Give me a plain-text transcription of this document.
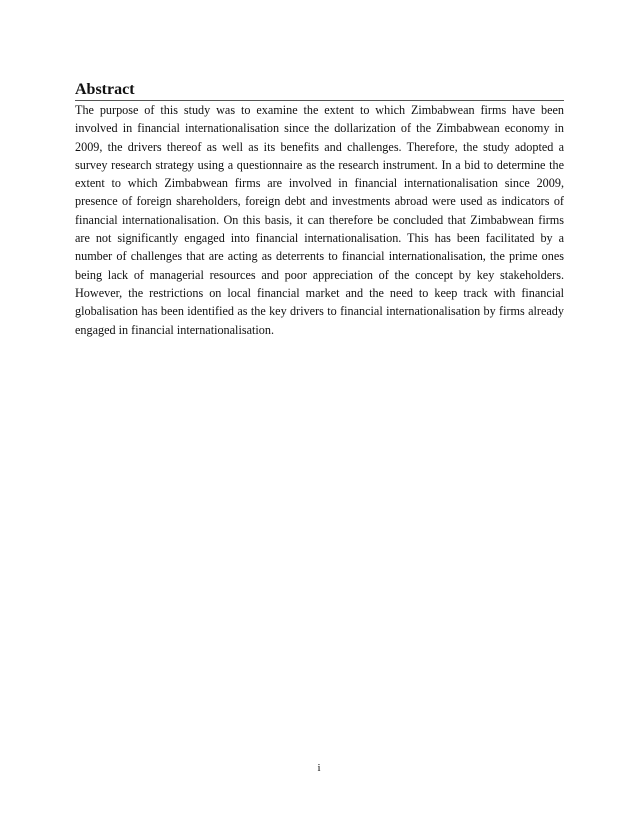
Abstract

The purpose of this study was to examine the extent to which Zimbabwean firms have been involved in financial internationalisation since the dollarization of the Zimbabwean economy in 2009, the drivers thereof as well as its benefits and challenges. Therefore, the study adopted a survey research strategy using a questionnaire as the research instrument. In a bid to determine the extent to which Zimbabwean firms are involved in financial internationalisation since 2009, presence of foreign shareholders, foreign debt and investments abroad were used as indicators of financial internationalisation. On this basis, it can therefore be concluded that Zimbabwean firms are not significantly engaged into financial internationalisation. This has been facilitated by a number of challenges that are acting as deterrents to financial internationalisation, the prime ones being lack of managerial resources and poor appreciation of the concept by key stakeholders. However, the restrictions on local financial market and the need to keep track with financial globalisation has been identified as the key drivers to financial internationalisation by firms already engaged in financial internationalisation.

i
